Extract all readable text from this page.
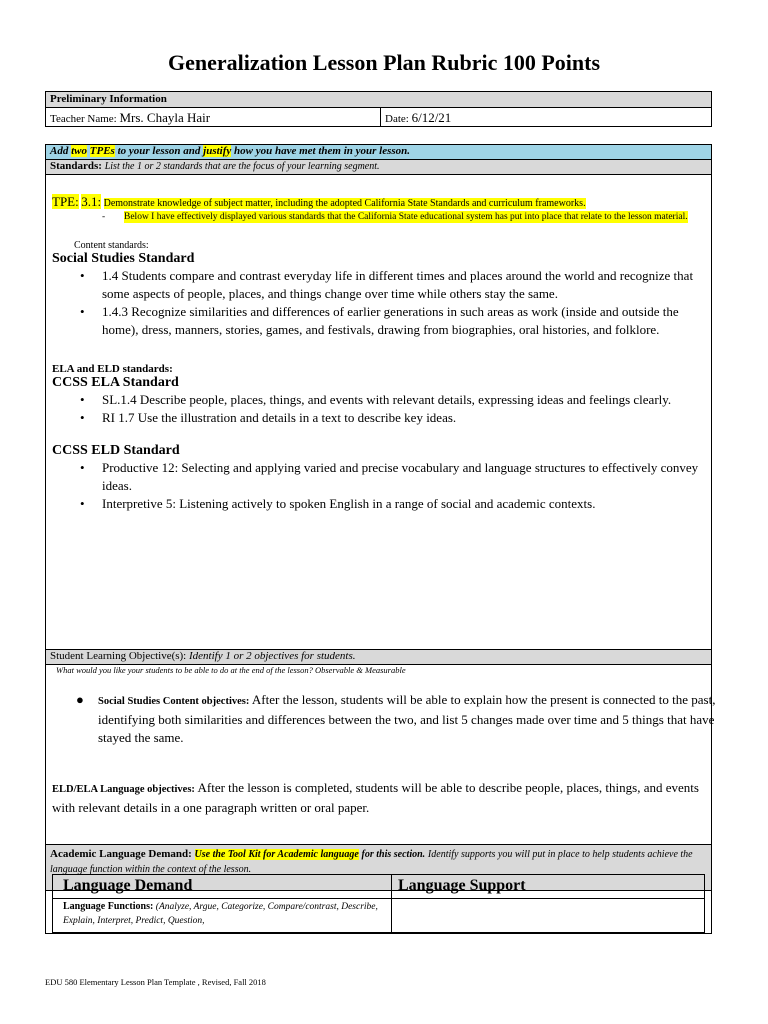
Generalization Lesson Plan Rubric 100 Points
Preliminary Information
Teacher Name: Mrs. Chayla Hair	Date: 6/12/21
Add two TPEs to your lesson and justify how you have met them in your lesson.
Standards: List the 1 or 2 standards that are the focus of your learning segment.
TPE: 3.1: Demonstrate knowledge of subject matter, including the adopted California State Standards and curriculum frameworks.
-	Below I have effectively displayed various standards that the California State educational system has put into place that relate to the lesson material.
Content standards:
Social Studies Standard
• 1.4 Students compare and contrast everyday life in different times and places around the world and recognize that some aspects of people, places, and things change over time while others stay the same.
• 1.4.3 Recognize similarities and differences of earlier generations in such areas as work (inside and outside the home), dress, manners, stories, games, and festivals, drawing from biographies, oral histories, and folklore.
ELA and ELD standards:
CCSS ELA Standard
• SL.1.4 Describe people, places, things, and events with relevant details, expressing ideas and feelings clearly.
• RI 1.7 Use the illustration and details in a text to describe key ideas.
CCSS ELD Standard
• Productive 12: Selecting and applying varied and precise vocabulary and language structures to effectively convey ideas.
• Interpretive 5: Listening actively to spoken English in a range of social and academic contexts.
Student Learning Objective(s): Identify 1 or 2 objectives for students.
What would you like your students to be able to do at the end of the lesson? Observable & Measurable
●	Social Studies Content objectives: After the lesson, students will be able to explain how the present is connected to the past, identifying both similarities and differences between the two, and list 5 changes made over time and 5 things that have stayed the same.
ELD/ELA Language objectives: After the lesson is completed, students will be able to describe people, places, things, and events with relevant details in a one paragraph written or oral paper.
Academic Language Demand: Use the Tool Kit for Academic language for this section. Identify supports you will put in place to help students achieve the language function within the context of the lesson.
Language Demand	Language Support
Language Functions: (Analyze, Argue, Categorize, Compare/contrast, Describe, Explain, Interpret, Predict, Question,
EDU 580 Elementary Lesson Plan Template , Revised, Fall 2018
